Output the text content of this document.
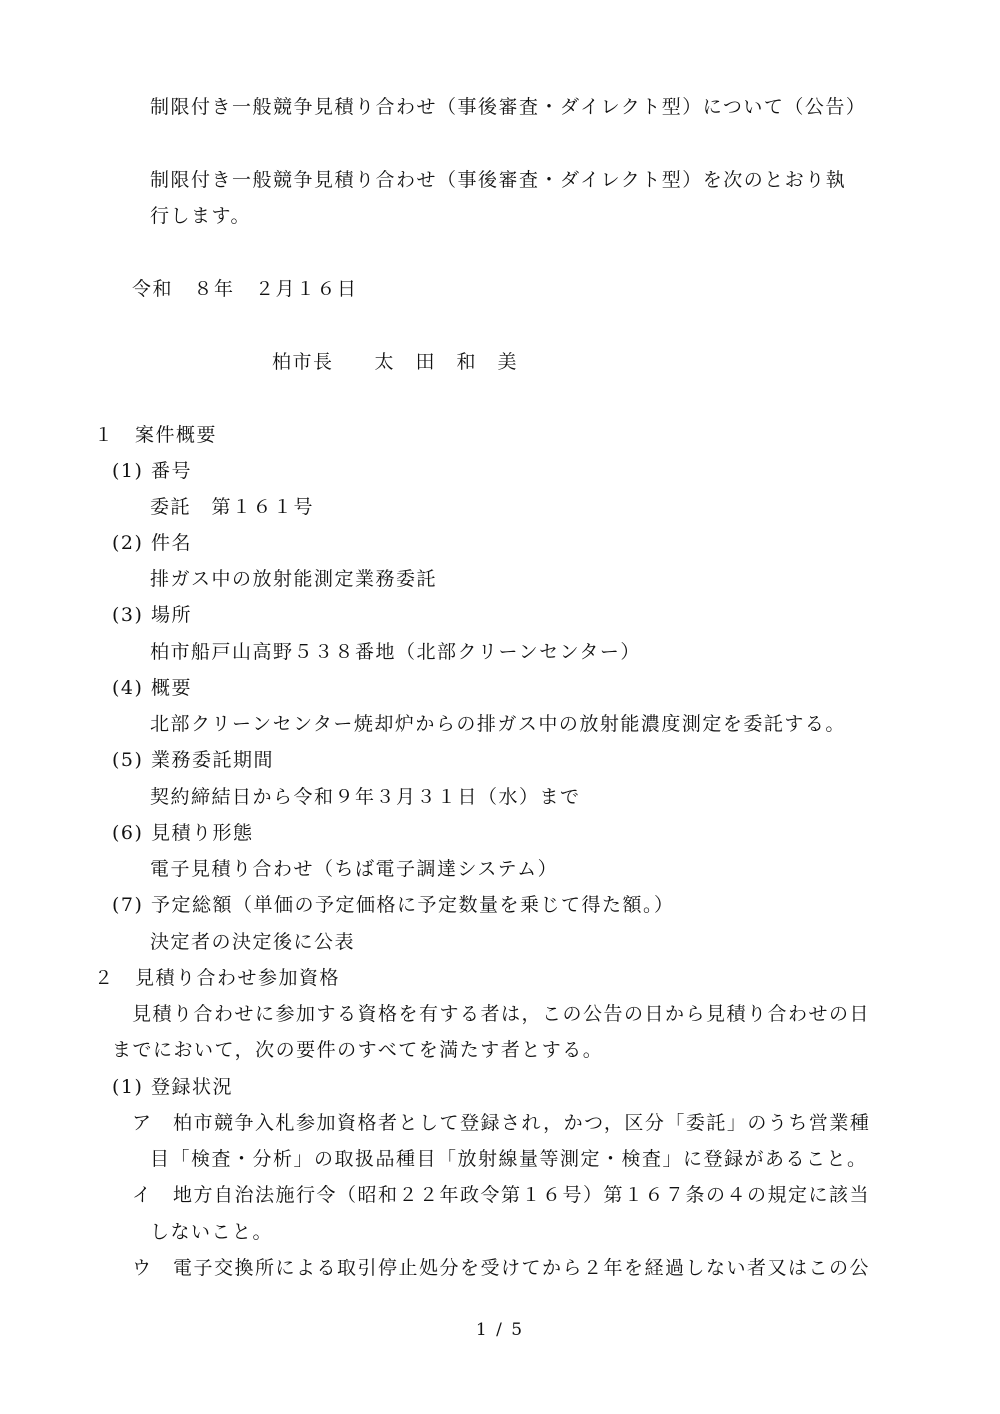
制限付き一般競争見積り合わせ（事後審査・ダイレクト型）について（公告）
制限付き一般競争見積り合わせ（事後審査・ダイレクト型）を次のとおり執
行します。
令和　８年　２月１６日
柏市長　　太　田　和　美
１　案件概要
(1) 番号
委託　第１６１号
(2) 件名
排ガス中の放射能測定業務委託
(3) 場所
柏市船戸山高野５３８番地（北部クリーンセンター）
(4) 概要
北部クリーンセンター焼却炉からの排ガス中の放射能濃度測定を委託する。
(5) 業務委託期間
契約締結日から令和９年３月３１日（水）まで
(6) 見積り形態
電子見積り合わせ（ちば電子調達システム）
(7) 予定総額（単価の予定価格に予定数量を乗じて得た額。）
決定者の決定後に公表
２　見積り合わせ参加資格
見積り合わせに参加する資格を有する者は，この公告の日から見積り合わせの日
までにおいて，次の要件のすべてを満たす者とする。
(1) 登録状況
ア　柏市競争入札参加資格者として登録され，かつ，区分「委託」のうち営業種
目「検査・分析」の取扱品種目「放射線量等測定・検査」に登録があること。
イ　地方自治法施行令（昭和２２年政令第１６号）第１６７条の４の規定に該当
しないこと。
ウ　電子交換所による取引停止処分を受けてから２年を経過しない者又はこの公
1 / 5
